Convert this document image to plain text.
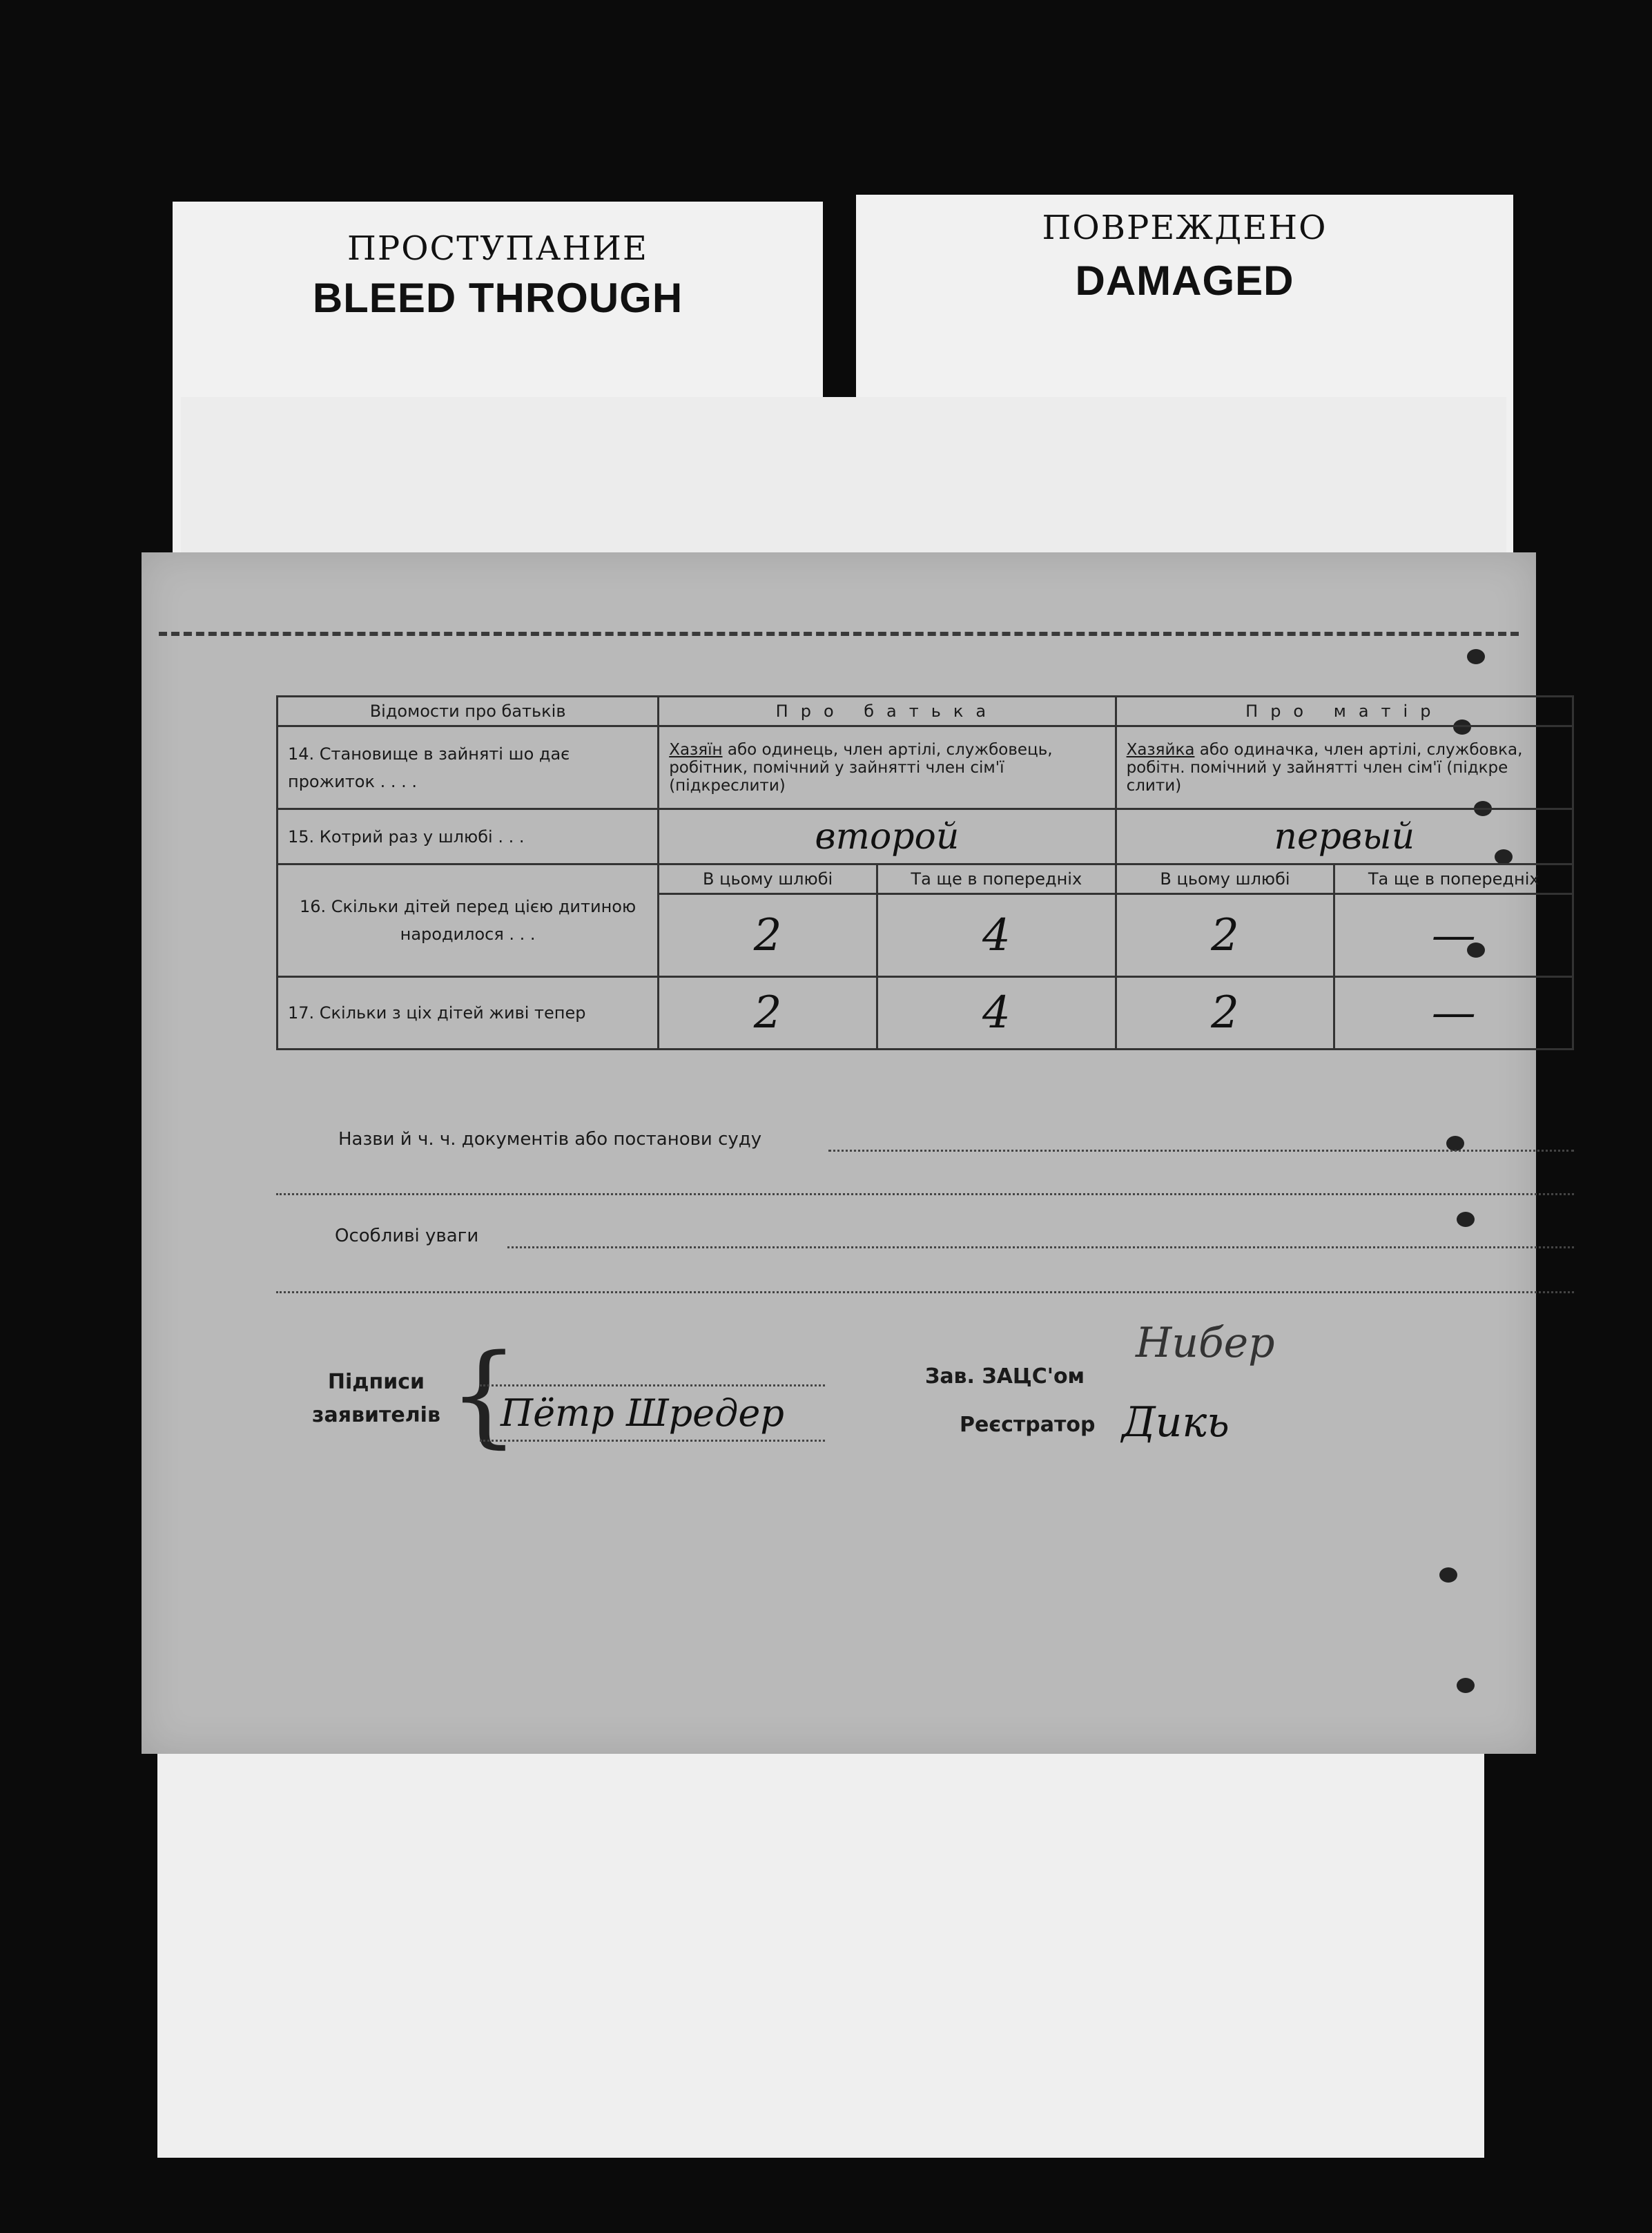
ПРОСТУПАНИЕ
BLEED THROUGH
ПОВРЕЖДЕНО
DAMAGED
Відомости про батьків	Про батька		Про матір	
14. Становище в зайняті шо дає прожиток . . . .	Хазяїн або одинець, член артілі, службовець, робітник, помічний у зайнятті член сім'ї (підкреслити)		Хазяйка або одиначка, член артілі, службовка, робітн. помічний у зайнятті член сім'ї (підкре слити)	
15. Котрий раз у шлюбі . . .	второй		первый	
16. Скільки дітей перед цією дитиною народилося . . .	В цьому шлюбі	Та ще в попередніх	В цьому шлюбі	Та ще в попередніх
	2	4	2	—
17. Скільки з ціх дітей живі тепер	2	4	2	—
Назви й ч. ч. документів або постанови суду
Особливі уваги
Підписи заявителів {
Пётр Шредер
Зав. ЗАЦС'ом
Нибер
Реєстратор Дикь
